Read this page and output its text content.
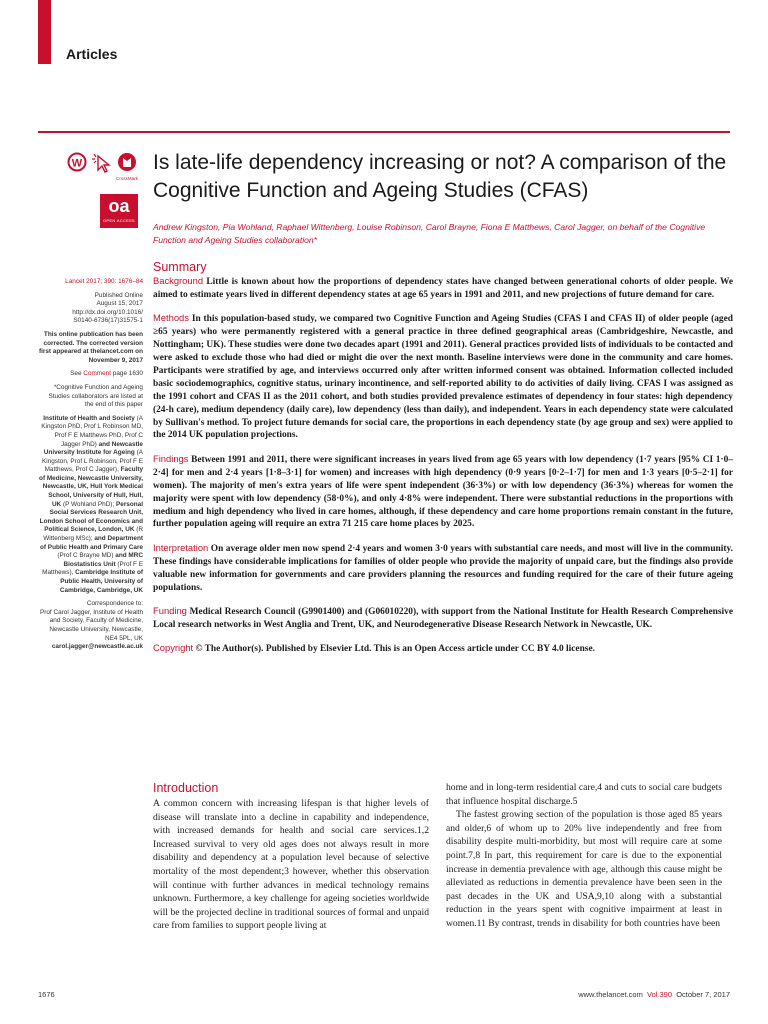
Articles
W
CrossMark
oa
OPEN ACCESS
Is late-life dependency increasing or not? A comparison of the Cognitive Function and Ageing Studies (CFAS)
Andrew Kingston, Pia Wohland, Raphael Wittenberg, Louise Robinson, Carol Brayne, Fiona E Matthews, Carol Jagger, on behalf of the Cognitive Function and Ageing Studies collaboration*

Lancet 2017; 390: 1676–84

Published Online
August 15, 2017
http://dx.doi.org/10.1016/
S0140-6736(17)31575-1

This online publication has been corrected. The corrected version first appeared at thelancet.com on November 9, 2017

See Comment page 1630

*Cognitive Function and Ageing Studies collaborators are listed at the end of this paper

Institute of Health and Society (A Kingston PhD, Prof L Robinson MD, Prof F E Matthews PhD, Prof C Jagger PhD) and Newcastle University Institute for Ageing (A Kingston, Prof L Robinson, Prof F E Matthews, Prof C Jagger), Faculty of Medicine, Newcastle University, Newcastle, UK, Hull York Medical School, University of Hull, Hull, UK (P Wohland PhD); Personal Social Services Research Unit, London School of Economics and Political Science, London, UK (R Wittenberg MSc); and Department of Public Health and Primary Care (Prof C Brayne MD) and MRC Biostatistics Unit (Prof F E Matthews), Cambridge Institute of Public Health, University of Cambridge, Cambridge, UK

Correspondence to:
Prof Carol Jagger, Institute of Health and Society, Faculty of Medicine, Newcastle University, Newcastle, NE4 5PL, UK
carol.jagger@newcastle.ac.uk

Summary

Background Little is known about how the proportions of dependency states have changed between generational cohorts of older people. We aimed to estimate years lived in different dependency states at age 65 years in 1991 and 2011, and new projections of future demand for care.

Methods In this population-based study, we compared two Cognitive Function and Ageing Studies (CFAS I and CFAS II) of older people (aged ≥65 years) who were permanently registered with a general practice in three defined geographical areas (Cambridgeshire, Newcastle, and Nottingham; UK). These studies were done two decades apart (1991 and 2011). General practices provided lists of individuals to be contacted and were asked to exclude those who had died or might die over the next month. Baseline interviews were done in the community and care homes. Participants were stratified by age, and interviews occurred only after written informed consent was obtained. Information collected included basic sociodemographics, cognitive status, urinary incontinence, and self-reported ability to do activities of daily living. CFAS I was assigned as the 1991 cohort and CFAS II as the 2011 cohort, and both studies provided prevalence estimates of dependency in four states: high dependency (24-h care), medium dependency (daily care), low dependency (less than daily), and independent. Years in each dependency state were calculated by Sullivan's method. To project future demands for social care, the proportions in each dependency state (by age group and sex) were applied to the 2014 UK population projections.

Findings Between 1991 and 2011, there were significant increases in years lived from age 65 years with low dependency (1·7 years [95% CI 1·0–2·4] for men and 2·4 years [1·8–3·1] for women) and increases with high dependency (0·9 years [0·2–1·7] for men and 1·3 years [0·5–2·1] for women). The majority of men's extra years of life were spent independent (36·3%) or with low dependency (36·3%) whereas for women the majority were spent with low dependency (58·0%), and only 4·8% were independent. There were substantial reductions in the proportions with medium and high dependency who lived in care homes, although, if these dependency and care home proportions remain constant in the future, further population ageing will require an extra 71 215 care home places by 2025.

Interpretation On average older men now spend 2·4 years and women 3·0 years with substantial care needs, and most will live in the community. These findings have considerable implications for families of older people who provide the majority of unpaid care, but the findings also provide valuable new information for governments and care providers planning the resources and funding required for the care of their future ageing populations.

Funding Medical Research Council (G9901400) and (G06010220), with support from the National Institute for Health Research Comprehensive Local research networks in West Anglia and Trent, UK, and Neurodegenerative Disease Research Network in Newcastle, UK.

Copyright © The Author(s). Published by Elsevier Ltd. This is an Open Access article under CC BY 4.0 license.

Introduction

A common concern with increasing lifespan is that higher levels of disease will translate into a decline in capability and independence, with increased demands for health and social care services.1,2 Increased survival to very old ages does not always result in more disability and dependency at a population level because of selective mortality of the most dependent;3 however, whether this observation will continue with further advances in medical technology remains unknown. Furthermore, a key challenge for ageing societies worldwide will be the projected decline in traditional sources of formal and unpaid care from families to support people living at

home and in long-term residential care,4 and cuts to social care budgets that influence hospital discharge.5

The fastest growing section of the population is those aged 85 years and older,6 of whom up to 20% live independently and free from disability despite multi-morbidity, but most will require care at some point.7,8 In part, this requirement for care is due to the exponential increase in dementia prevalence with age, although this cause might be alleviated as reductions in dementia prevalence have been seen in the past decades in the UK and USA,9,10 along with a substantial reduction in the years spent with cognitive impairment at least in women.11 By contrast, trends in disability for both countries have been

1676	www.thelancet.com Vol 390 October 7, 2017
